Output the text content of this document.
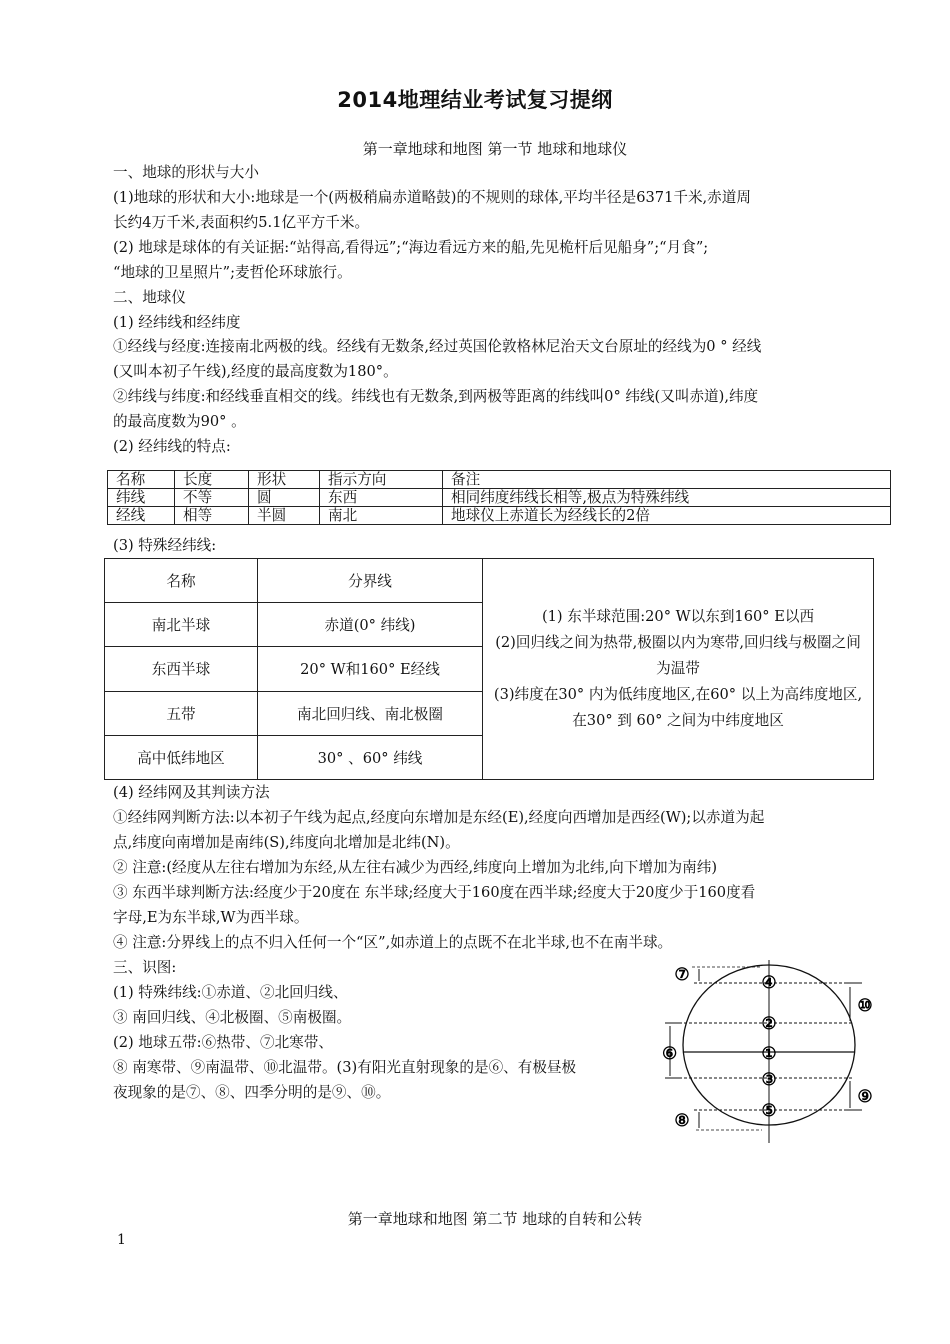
2014地理结业考试复习提纲
第一章地球和地图 第一节 地球和地球仪
一、地球的形状与大小
(1)地球的形状和大小:地球是一个(两极稍扁赤道略鼓)的不规则的球体,平均半径是6371千米,赤道周
长约4万千米,表面积约5.1亿平方千米。
(2) 地球是球体的有关证据:“站得高,看得远”;“海边看远方来的船,先见桅杆后见船身”;“月食”;
“地球的卫星照片”;麦哲伦环球旅行。
二、地球仪
(1) 经纬线和经纬度
①经线与经度:连接南北两极的线。经线有无数条,经过英国伦敦格林尼治天文台原址的经线为0 ° 经线
(又叫本初子午线),经度的最高度数为180°。
②纬线与纬度:和经线垂直相交的线。纬线也有无数条,到两极等距离的纬线叫0° 纬线(又叫赤道),纬度
的最高度数为90° 。
(2) 经纬线的特点:
名称	长度	形状	指示方向	备注
纬线	不等	圆	东西	相同纬度纬线长相等,极点为特殊纬线
经线	相等	半圆	南北	地球仪上赤道长为经线长的2倍
(3) 特殊经纬线:
名称	分界线	(1) 东半球范围:20° W以东到160° E以西
(2)回归线之间为热带,极圈以内为寒带,回归线与极圈之间为温带
(3)纬度在30° 内为低纬度地区,在60° 以上为高纬度地区,在30° 到 60° 之间为中纬度地区

南北半球	赤道(0° 纬线)	
东西半球	20° W和160° E经线	
五带	南北回归线、南北极圈	
高中低纬地区	30° 、60° 纬线	
(4) 经纬网及其判读方法
①经纬网判断方法:以本初子午线为起点,经度向东增加是东经(E),经度向西增加是西经(W);以赤道为起
点,纬度向南增加是南纬(S),纬度向北增加是北纬(N)。
② 注意:(经度从左往右增加为东经,从左往右减少为西经,纬度向上增加为北纬,向下增加为南纬)
③ 东西半球判断方法:经度少于20度在 东半球;经度大于160度在西半球;经度大于20度少于160度看
字母,E为东半球,W为西半球。
④ 注意:分界线上的点不归入任何一个“区”,如赤道上的点既不在北半球,也不在南半球。
三、识图:
(1) 特殊纬线:①赤道、②北回归线、
③ 南回归线、④北极圈、⑤南极圈。
(2) 地球五带:⑥热带、⑦北寒带、
⑧ 南寒带、⑨南温带、⑩北温带。(3)有阳光直射现象的是⑥、有极昼极
夜现象的是⑦、⑧、四季分明的是⑨、⑩。
⑦	④
⑩
②
⑥	①
③
⑨
⑤
⑧
第一章地球和地图 第二节 地球的自转和公转
1
